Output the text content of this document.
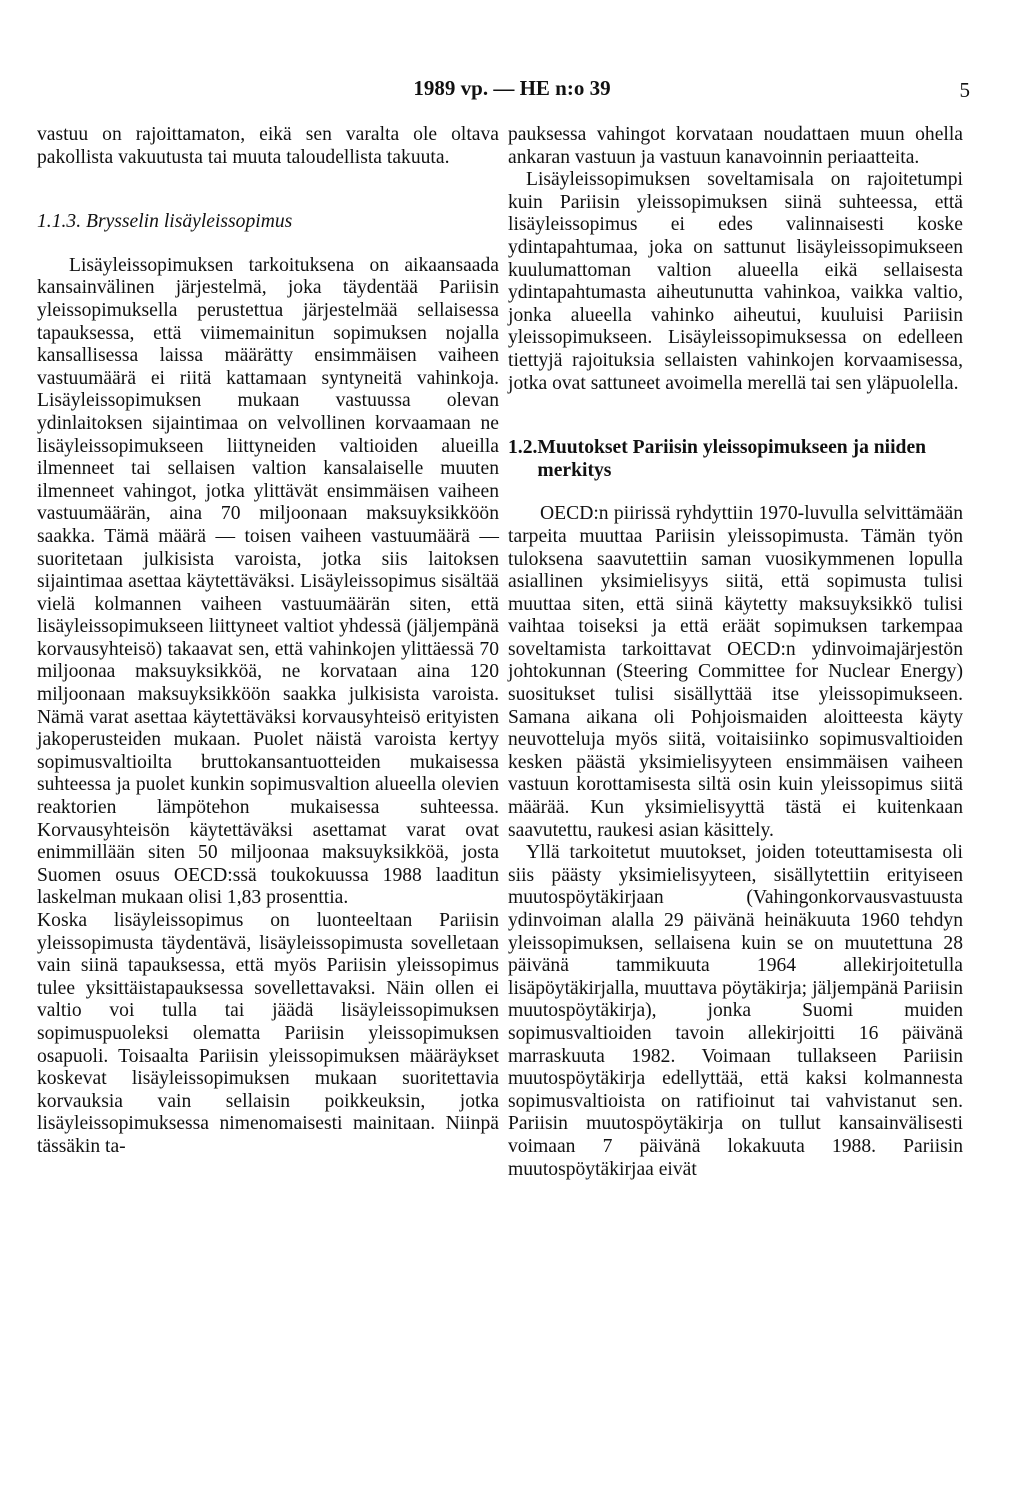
1989 vp. — HE n:o 39	5

vastuu on rajoittamaton, eikä sen varalta ole oltava pakollista vakuutusta tai muuta taloudellista takuuta.

1.1.3. Brysselin lisäyleissopimus

Lisäyleissopimuksen tarkoituksena on aikaansaada kansainvälinen järjestelmä, joka täydentää Pariisin yleissopimuksella perustettua järjestelmää sellaisessa tapauksessa, että viimemainitun sopimuksen nojalla kansallisessa laissa määrätty ensimmäisen vaiheen vastuumäärä ei riitä kattamaan syntyneitä vahinkoja. Lisäyleissopimuksen mukaan vastuussa olevan ydinlaitoksen sijaintimaa on velvollinen korvaamaan ne lisäyleissopimukseen liittyneiden valtioiden alueilla ilmenneet tai sellaisen valtion kansalaiselle muuten ilmenneet vahingot, jotka ylittävät ensimmäisen vaiheen vastuumäärän, aina 70 miljoonaan maksuyksikköön saakka. Tämä määrä — toisen vaiheen vastuumäärä — suoritetaan julkisista varoista, jotka siis laitoksen sijaintimaa asettaa käytettäväksi. Lisäyleissopimus sisältää vielä kolmannen vaiheen vastuumäärän siten, että lisäyleissopimukseen liittyneet valtiot yhdessä (jäljempänä korvausyhteisö) takaavat sen, että vahinkojen ylittäessä 70 miljoonaa maksuyksikköä, ne korvataan aina 120 miljoonaan maksuyksikköön saakka julkisista varoista. Nämä varat asettaa käytettäväksi korvausyhteisö erityisten jakoperusteiden mukaan. Puolet näistä varoista kertyy sopimusvaltioilta bruttokansantuotteiden mukaisessa suhteessa ja puolet kunkin sopimusvaltion alueella olevien reaktorien lämpötehon mukaisessa suhteessa. Korvausyhteisön käytettäväksi asettamat varat ovat enimmillään siten 50 miljoonaa maksuyksikköä, josta Suomen osuus OECD:ssä toukokuussa 1988 laaditun laskelman mukaan olisi 1,83 prosenttia.

Koska lisäyleissopimus on luonteeltaan Pariisin yleissopimusta täydentävä, lisäyleissopimusta sovelletaan vain siinä tapauksessa, että myös Pariisin yleissopimus tulee yksittäistapauksessa sovellettavaksi. Näin ollen ei valtio voi tulla tai jäädä lisäyleissopimuksen sopimuspuoleksi olematta Pariisin yleissopimuksen osapuoli. Toisaalta Pariisin yleissopimuksen määräykset koskevat lisäyleissopimuksen mukaan suoritettavia korvauksia vain sellaisin poikkeuksin, jotka lisäyleissopimuksessa nimenomaisesti mainitaan. Niinpä tässäkin ta-

pauksessa vahingot korvataan noudattaen muun ohella ankaran vastuun ja vastuun kanavoinnin periaatteita.

Lisäyleissopimuksen soveltamisala on rajoitetumpi kuin Pariisin yleissopimuksen siinä suhteessa, että lisäyleissopimus ei edes valinnaisesti koske ydintapahtumaa, joka on sattunut lisäyleissopimukseen kuulumattoman valtion alueella eikä sellaisesta ydintapahtumasta aiheutunutta vahinkoa, vaikka valtio, jonka alueella vahinko aiheutui, kuuluisi Pariisin yleissopimukseen. Lisäyleissopimuksessa on edelleen tiettyjä rajoituksia sellaisten vahinkojen korvaamisessa, jotka ovat sattuneet avoimella merellä tai sen yläpuolella.

1.2. Muutokset Pariisin yleissopimukseen ja niiden merkitys

OECD:n piirissä ryhdyttiin 1970-luvulla selvittämään tarpeita muuttaa Pariisin yleissopimusta. Tämän työn tuloksena saavutettiin saman vuosikymmenen lopulla asiallinen yksimielisyys siitä, että sopimusta tulisi muuttaa siten, että siinä käytetty maksuyksikkö tulisi vaihtaa toiseksi ja että eräät sopimuksen tarkempaa soveltamista tarkoittavat OECD:n ydinvoimajärjestön johtokunnan (Steering Committee for Nuclear Energy) suositukset tulisi sisällyttää itse yleissopimukseen. Samana aikana oli Pohjoismaiden aloitteesta käyty neuvotteluja myös siitä, voitaisiinko sopimusvaltioiden kesken päästä yksimielisyyteen ensimmäisen vaiheen vastuun korottamisesta siltä osin kuin yleissopimus siitä määrää. Kun yksimielisyyttä tästä ei kuitenkaan saavutettu, raukesi asian käsittely.

Yllä tarkoitetut muutokset, joiden toteuttamisesta oli siis päästy yksimielisyyteen, sisällytettiin erityiseen muutospöytäkirjaan (Vahingonkorvausvastuusta ydinvoiman alalla 29 päivänä heinäkuuta 1960 tehdyn yleissopimuksen, sellaisena kuin se on muutettuna 28 päivänä tammikuuta 1964 allekirjoitetulla lisäpöytäkirjalla, muuttava pöytäkirja; jäljempänä Pariisin muutospöytäkirja), jonka Suomi muiden sopimusvaltioiden tavoin allekirjoitti 16 päivänä marraskuuta 1982. Voimaan tullakseen Pariisin muutospöytäkirja edellyttää, että kaksi kolmannesta sopimusvaltioista on ratifioinut tai vahvistanut sen. Pariisin muutospöytäkirja on tullut kansainvälisesti voimaan 7 päivänä lokakuuta 1988. Pariisin muutospöytäkirjaa eivät
